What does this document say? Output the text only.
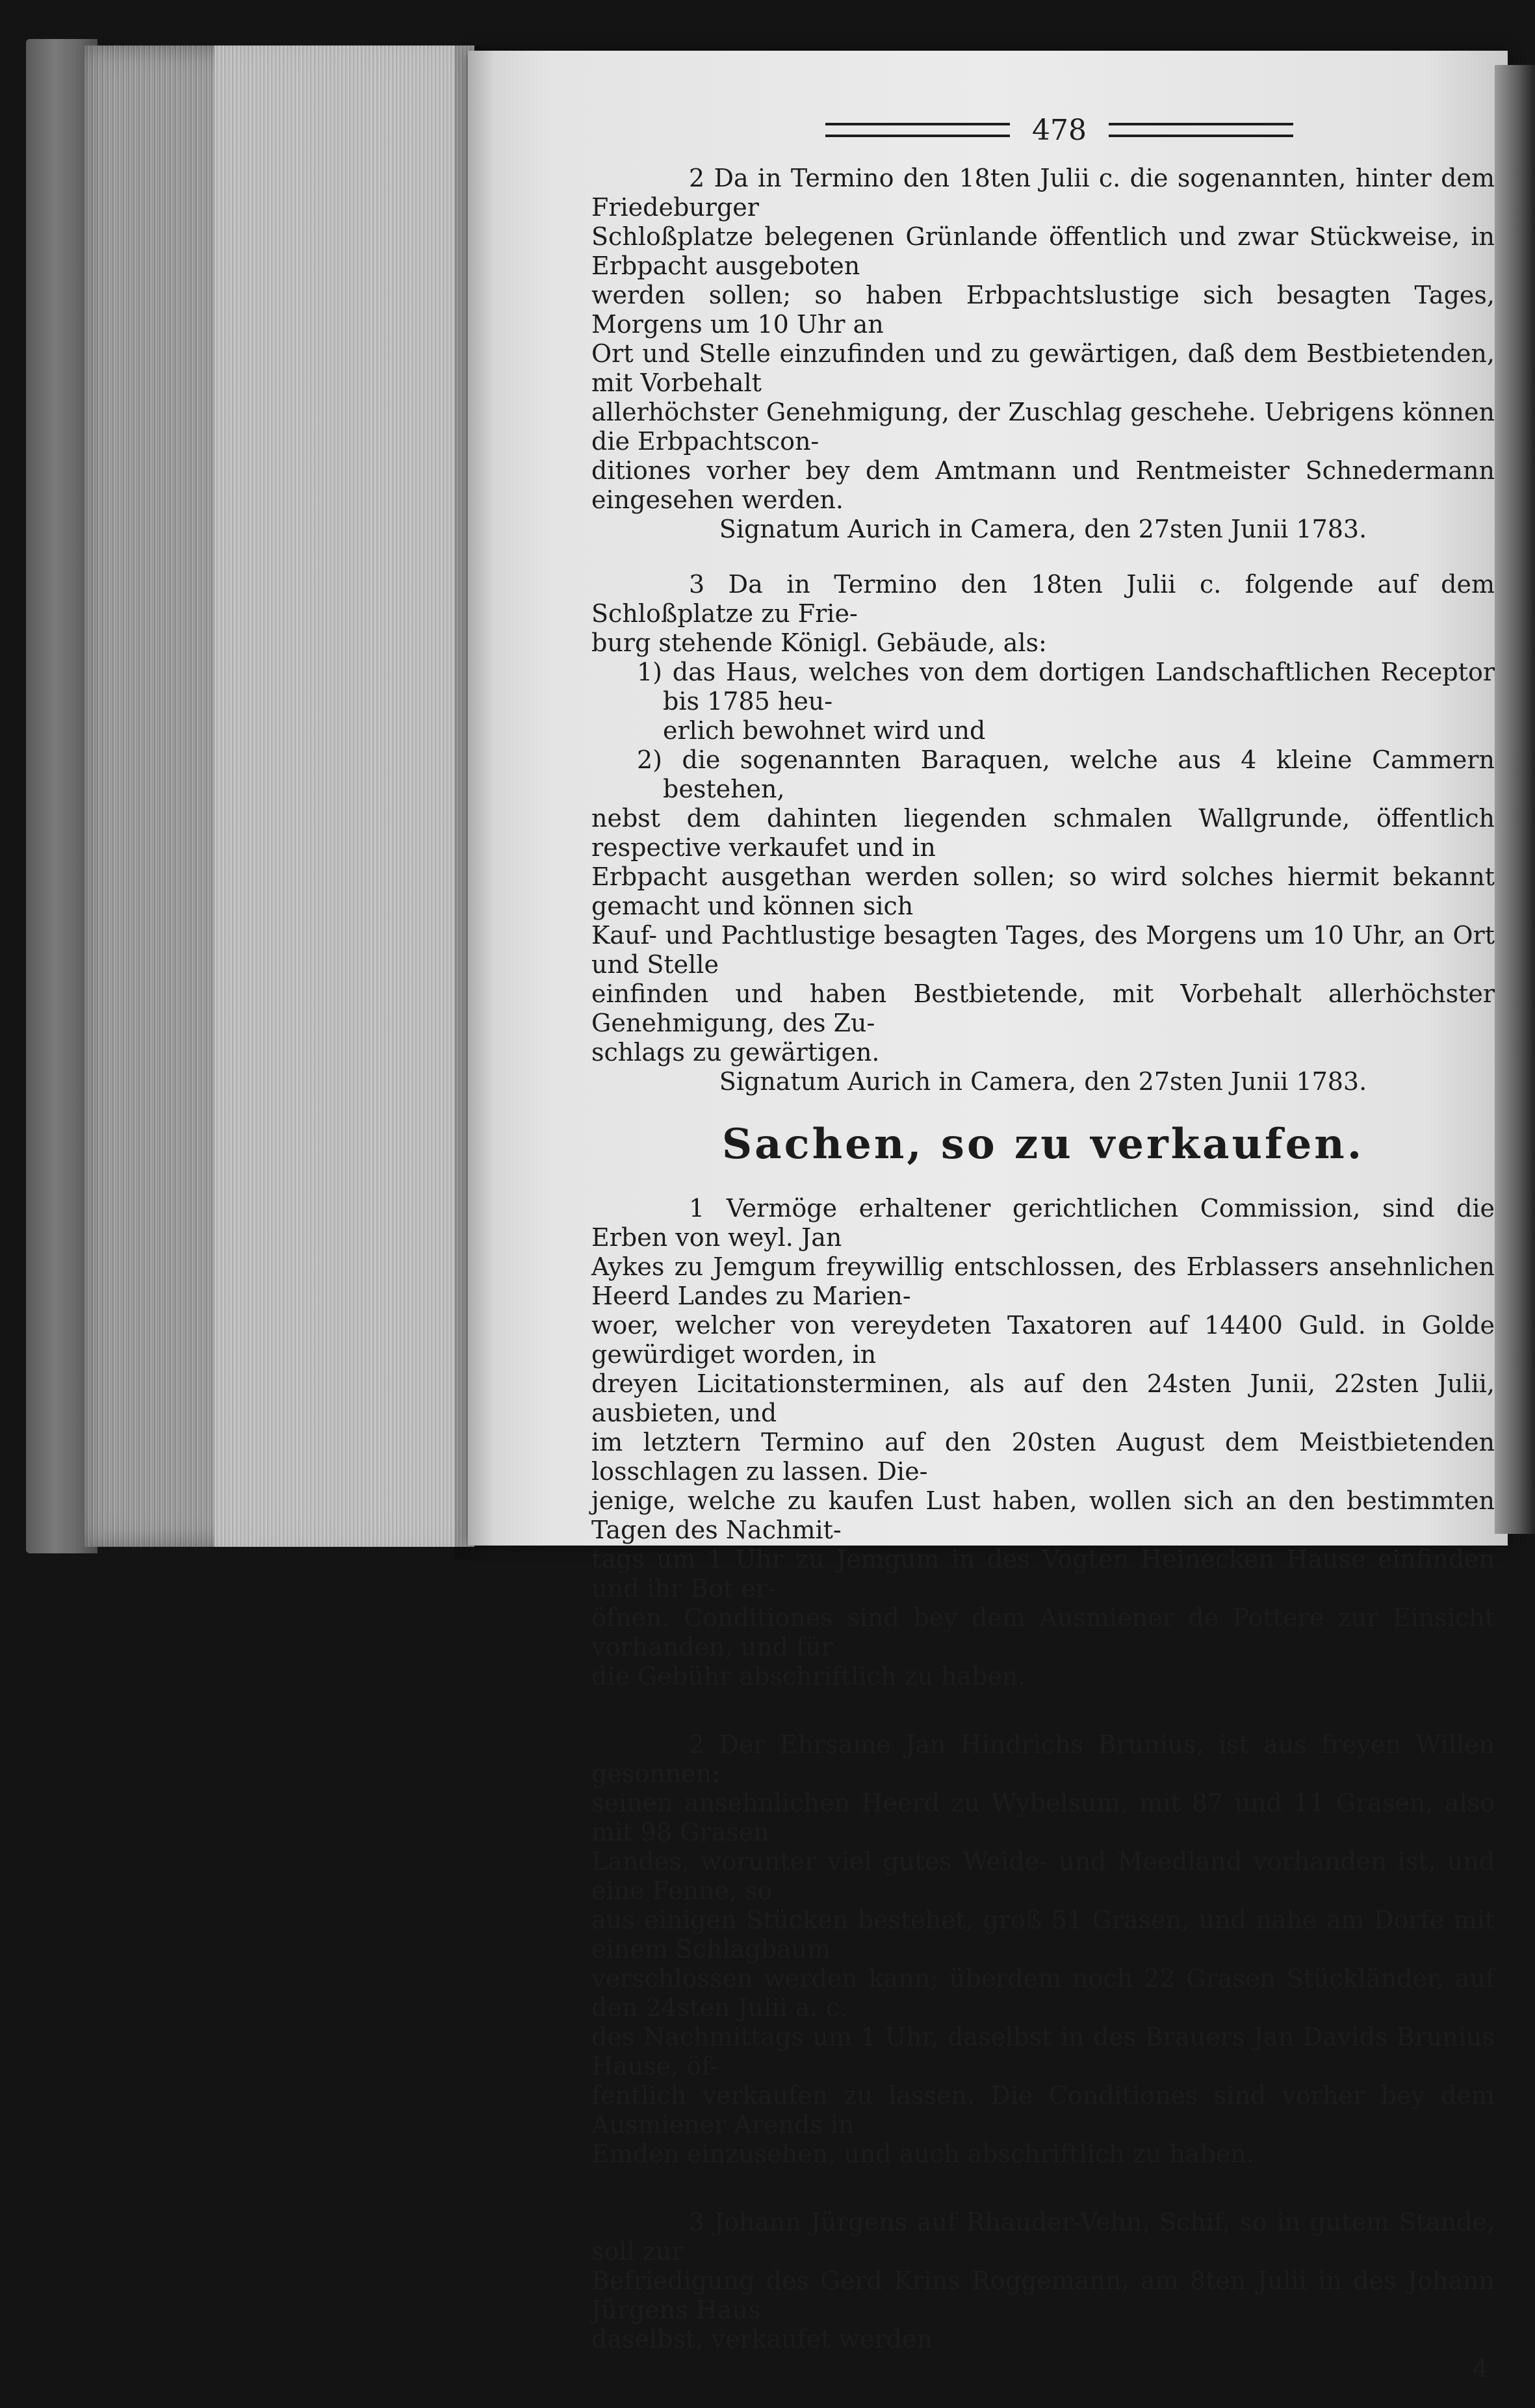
478

2 Da in Termino den 18ten Julii c. die sogenannten, hinter dem Friedeburger

Schloßplatze belegenen Grünlande öffentlich und zwar Stückweise, in Erbpacht ausgeboten

werden sollen; so haben Erbpachtslustige sich besagten Tages, Morgens um 10 Uhr an

Ort und Stelle einzufinden und zu gewärtigen, daß dem Bestbietenden, mit Vorbehalt

allerhöchster Genehmigung, der Zuschlag geschehe. Uebrigens können die Erbpachtscon-

ditiones vorher bey dem Amtmann und Rentmeister Schnedermann eingesehen werden.

Signatum Aurich in Camera, den 27sten Junii 1783.

3 Da in Termino den 18ten Julii c. folgende auf dem Schloßplatze zu Frie-

burg stehende Königl. Gebäude, als:

1) das Haus, welches von dem dortigen Landschaftlichen Receptor bis 1785 heu-

erlich bewohnet wird und

2) die sogenannten Baraquen, welche aus 4 kleine Cammern bestehen,

nebst dem dahinten liegenden schmalen Wallgrunde, öffentlich respective verkaufet und in

Erbpacht ausgethan werden sollen; so wird solches hiermit bekannt gemacht und können sich

Kauf- und Pachtlustige besagten Tages, des Morgens um 10 Uhr, an Ort und Stelle

einfinden und haben Bestbietende, mit Vorbehalt allerhöchster Genehmigung, des Zu-

schlags zu gewärtigen.

Signatum Aurich in Camera, den 27sten Junii 1783.

Sachen, so zu verkaufen.

1 Vermöge erhaltener gerichtlichen Commission, sind die Erben von weyl. Jan

Aykes zu Jemgum freywillig entschlossen, des Erblassers ansehnlichen Heerd Landes zu Marien-

woer, welcher von vereydeten Taxatoren auf 14400 Guld. in Golde gewürdiget worden, in

dreyen Licitationsterminen, als auf den 24sten Junii, 22sten Julii, ausbieten, und

im letztern Termino auf den 20sten August dem Meistbietenden losschlagen zu lassen. Die-

jenige, welche zu kaufen Lust haben, wollen sich an den bestimmten Tagen des Nachmit-

tags um 1 Uhr zu Jemgum in des Vogten Heinecken Hause einfinden und ihr Bot er-

öfnen. Conditiones sind bey dem Ausmiener de Pottere zur Einsicht vorhanden, und für

die Gebühr abschriftlich zu haben.

2 Der Ehrsame Jan Hindrichs Brunius, ist aus freyen Willen gesonnen:

seinen ansehnlichen Heerd zu Wybelsum, mit 87 und 11 Grasen, also mit 98 Grasen

Landes, worunter viel gutes Weide- und Meedland vorhanden ist, und eine Fenne, so

aus einigen Stücken bestehet, groß 51 Grasen, und nahe am Dorfe mit einem Schlagbaum

verschlossen werden kann; überdem noch 22 Grasen Stückländer, auf den 24sten Julii a. c.

des Nachmittags um 1 Uhr, daselbst in des Brauers Jan Davids Brunius Hause, öf-

fentlich verkaufen zu lassen. Die Conditiones sind vorher bey dem Ausmiener Arends in

Emden einzusehen, und auch abschriftlich zu haben.

3 Johann Jürgens auf Rhauder-Vehn, Schif, so in gutem Stande, soll zur

Befriedigung des Gerd Krins Roggemann, am 8ten Julii in des Johann Jürgens Haus

daselbst, verkaufet werden

4
